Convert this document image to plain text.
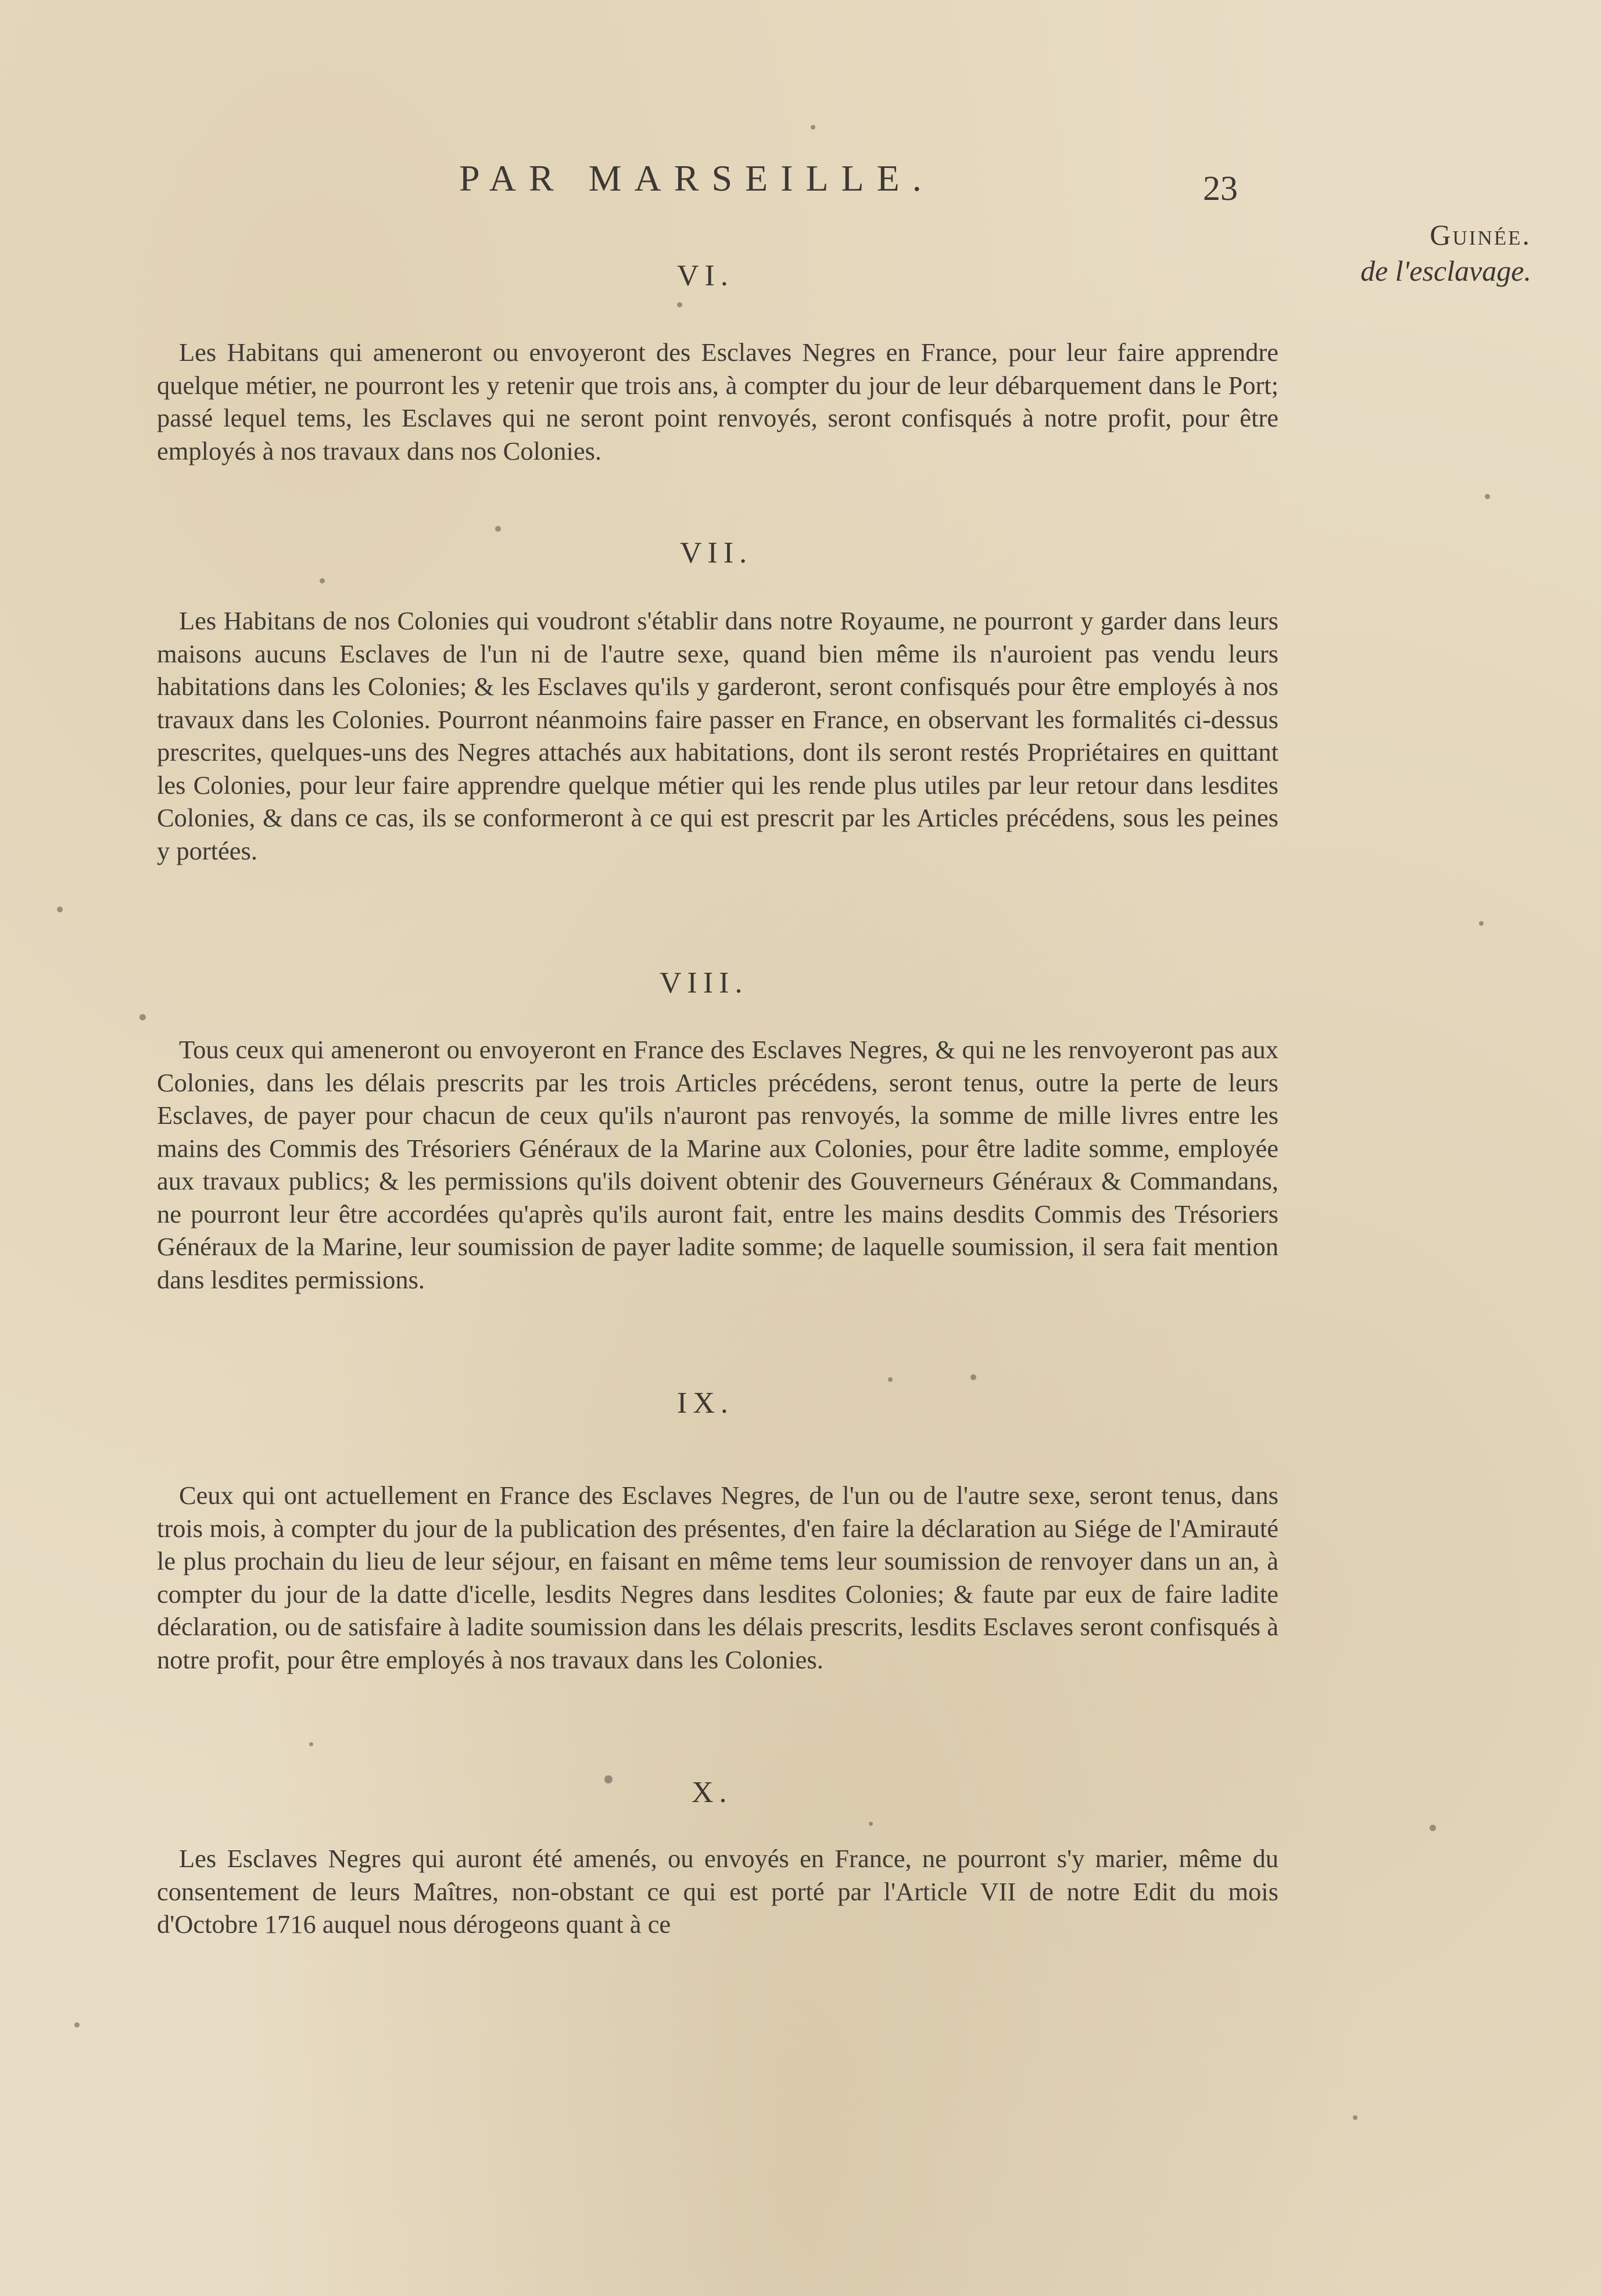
PAR MARSEILLE.	23
Guinée.
de l'esclavage.
VI.

Les Habitans qui ameneront ou envoyeront des Esclaves Negres en France, pour leur faire apprendre quelque métier, ne pourront les y retenir que trois ans, à compter du jour de leur débarquement dans le Port; passé lequel tems, les Esclaves qui ne seront point renvoyés, seront confisqués à notre profit, pour être employés à nos travaux dans nos Colonies.

VII.

Les Habitans de nos Colonies qui voudront s'établir dans notre Royaume, ne pourront y garder dans leurs maisons aucuns Esclaves de l'un ni de l'autre sexe, quand bien même ils n'auroient pas vendu leurs habitations dans les Colonies; & les Esclaves qu'ils y garderont, seront confisqués pour être employés à nos travaux dans les Colonies. Pourront néanmoins faire passer en France, en observant les formalités ci-dessus prescrites, quelques-uns des Negres attachés aux habitations, dont ils seront restés Propriétaires en quittant les Colonies, pour leur faire apprendre quelque métier qui les rende plus utiles par leur retour dans lesdites Colonies, & dans ce cas, ils se conformeront à ce qui est prescrit par les Articles précédens, sous les peines y portées.

VIII.

Tous ceux qui ameneront ou envoyeront en France des Esclaves Negres, & qui ne les renvoyeront pas aux Colonies, dans les délais prescrits par les trois Articles précédens, seront tenus, outre la perte de leurs Esclaves, de payer pour chacun de ceux qu'ils n'auront pas renvoyés, la somme de mille livres entre les mains des Commis des Trésoriers Généraux de la Marine aux Colonies, pour être ladite somme, employée aux travaux publics; & les permissions qu'ils doivent obtenir des Gouverneurs Généraux & Commandans, ne pourront leur être accordées qu'après qu'ils auront fait, entre les mains desdits Commis des Trésoriers Généraux de la Marine, leur soumission de payer ladite somme; de laquelle soumission, il sera fait mention dans lesdites permissions.

IX.

Ceux qui ont actuellement en France des Esclaves Negres, de l'un ou de l'autre sexe, seront tenus, dans trois mois, à compter du jour de la publication des présentes, d'en faire la déclaration au Siége de l'Amirauté le plus prochain du lieu de leur séjour, en faisant en même tems leur soumission de renvoyer dans un an, à compter du jour de la datte d'icelle, lesdits Negres dans lesdites Colonies; & faute par eux de faire ladite déclaration, ou de satisfaire à ladite soumission dans les délais prescrits, lesdits Esclaves seront confisqués à notre profit, pour être employés à nos travaux dans les Colonies.

X.

Les Esclaves Negres qui auront été amenés, ou envoyés en France, ne pourront s'y marier, même du consentement de leurs Maîtres, non-obstant ce qui est porté par l'Article VII de notre Edit du mois d'Octobre 1716 auquel nous dérogeons quant à ce
